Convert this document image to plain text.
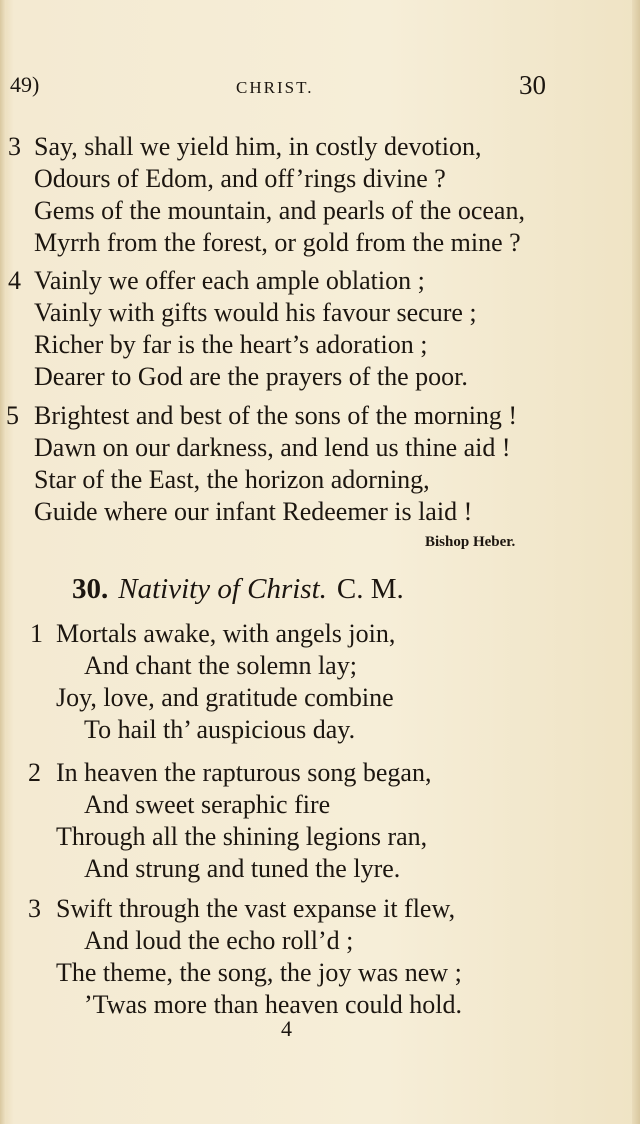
49)	CHRIST.	30
3 Say, shall we yield him, in costly devotion,
Odours of Edom, and off’rings divine ?
Gems of the mountain, and pearls of the ocean,
Myrrh from the forest, or gold from the mine ?
4 Vainly we offer each ample oblation ;
Vainly with gifts would his favour secure ;
Richer by far is the heart’s adoration ;
Dearer to God are the prayers of the poor.
5 Brightest and best of the sons of the morning !
Dawn on our darkness, and lend us thine aid !
Star of the East, the horizon adorning,
Guide where our infant Redeemer is laid !
Bishop Heber.
30. Nativity of Christ. C. M.
1 Mortals awake, with angels join,
And chant the solemn lay;
Joy, love, and gratitude combine
To hail th’ auspicious day.
2 In heaven the rapturous song began,
And sweet seraphic fire
Through all the shining legions ran,
And strung and tuned the lyre.
3 Swift through the vast expanse it flew,
And loud the echo roll’d ;
The theme, the song, the joy was new ;
’Twas more than heaven could hold.
4
